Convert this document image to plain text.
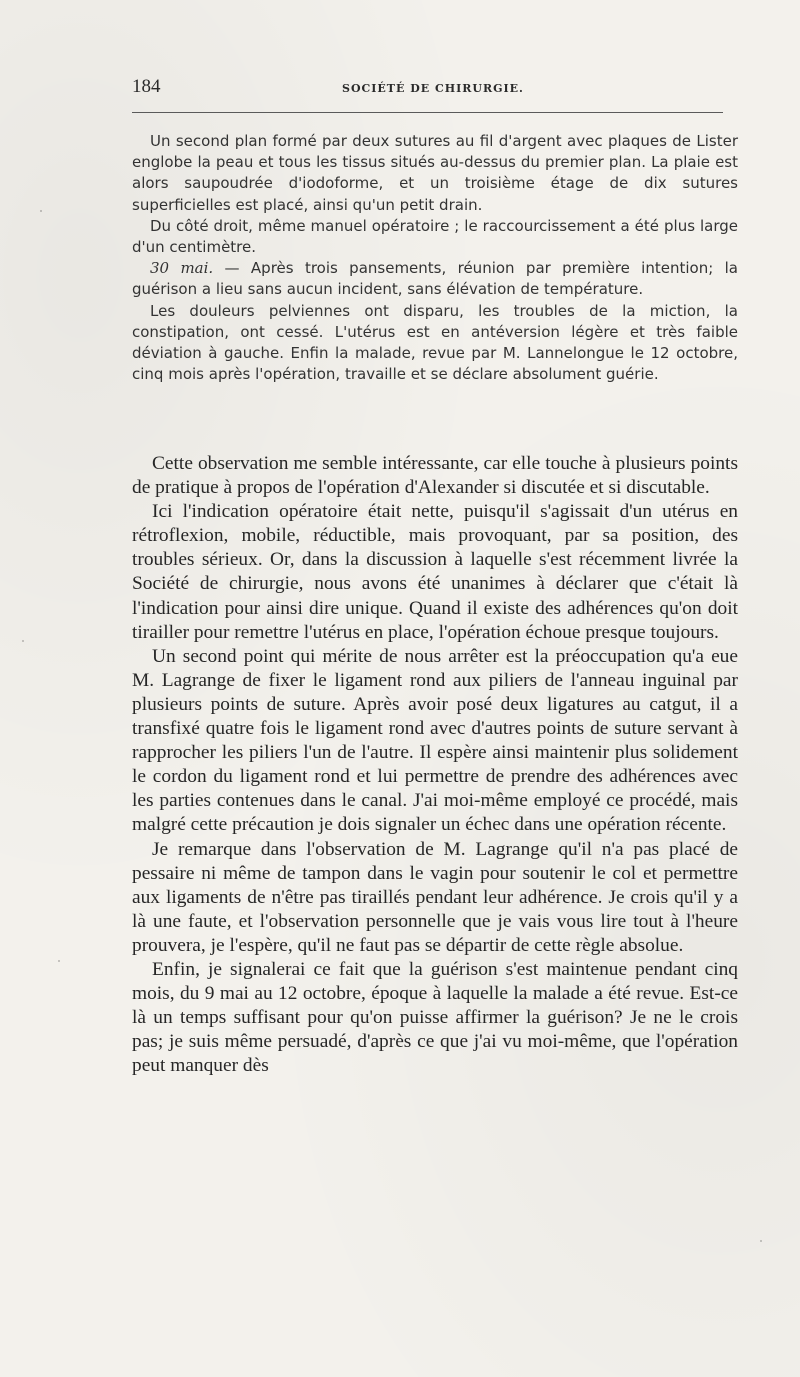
184	SOCIÉTÉ DE CHIRURGIE.

Un second plan formé par deux sutures au fil d'argent avec plaques de Lister englobe la peau et tous les tissus situés au-dessus du premier plan. La plaie est alors saupoudrée d'iodoforme, et un troisième étage de dix sutures superficielles est placé, ainsi qu'un petit drain.

Du côté droit, même manuel opératoire ; le raccourcissement a été plus large d'un centimètre.

30 mai. — Après trois pansements, réunion par première intention; la guérison a lieu sans aucun incident, sans élévation de température.

Les douleurs pelviennes ont disparu, les troubles de la miction, la constipation, ont cessé. L'utérus est en antéversion légère et très faible déviation à gauche. Enfin la malade, revue par M. Lannelongue le 12 octobre, cinq mois après l'opération, travaille et se déclare absolument guérie.

Cette observation me semble intéressante, car elle touche à plusieurs points de pratique à propos de l'opération d'Alexander si discutée et si discutable.

Ici l'indication opératoire était nette, puisqu'il s'agissait d'un utérus en rétroflexion, mobile, réductible, mais provoquant, par sa position, des troubles sérieux. Or, dans la discussion à laquelle s'est récemment livrée la Société de chirurgie, nous avons été unanimes à déclarer que c'était là l'indication pour ainsi dire unique. Quand il existe des adhérences qu'on doit tirailler pour remettre l'utérus en place, l'opération échoue presque toujours.

Un second point qui mérite de nous arrêter est la préoccupation qu'a eue M. Lagrange de fixer le ligament rond aux piliers de l'anneau inguinal par plusieurs points de suture. Après avoir posé deux ligatures au catgut, il a transfixé quatre fois le ligament rond avec d'autres points de suture servant à rapprocher les piliers l'un de l'autre. Il espère ainsi maintenir plus solidement le cordon du ligament rond et lui permettre de prendre des adhérences avec les parties contenues dans le canal. J'ai moi-même employé ce procédé, mais malgré cette précaution je dois signaler un échec dans une opération récente.

Je remarque dans l'observation de M. Lagrange qu'il n'a pas placé de pessaire ni même de tampon dans le vagin pour soutenir le col et permettre aux ligaments de n'être pas tiraillés pendant leur adhérence. Je crois qu'il y a là une faute, et l'observation personnelle que je vais vous lire tout à l'heure prouvera, je l'espère, qu'il ne faut pas se départir de cette règle absolue.

Enfin, je signalerai ce fait que la guérison s'est maintenue pendant cinq mois, du 9 mai au 12 octobre, époque à laquelle la malade a été revue. Est-ce là un temps suffisant pour qu'on puisse affirmer la guérison? Je ne le crois pas; je suis même persuadé, d'après ce que j'ai vu moi-même, que l'opération peut manquer dès
